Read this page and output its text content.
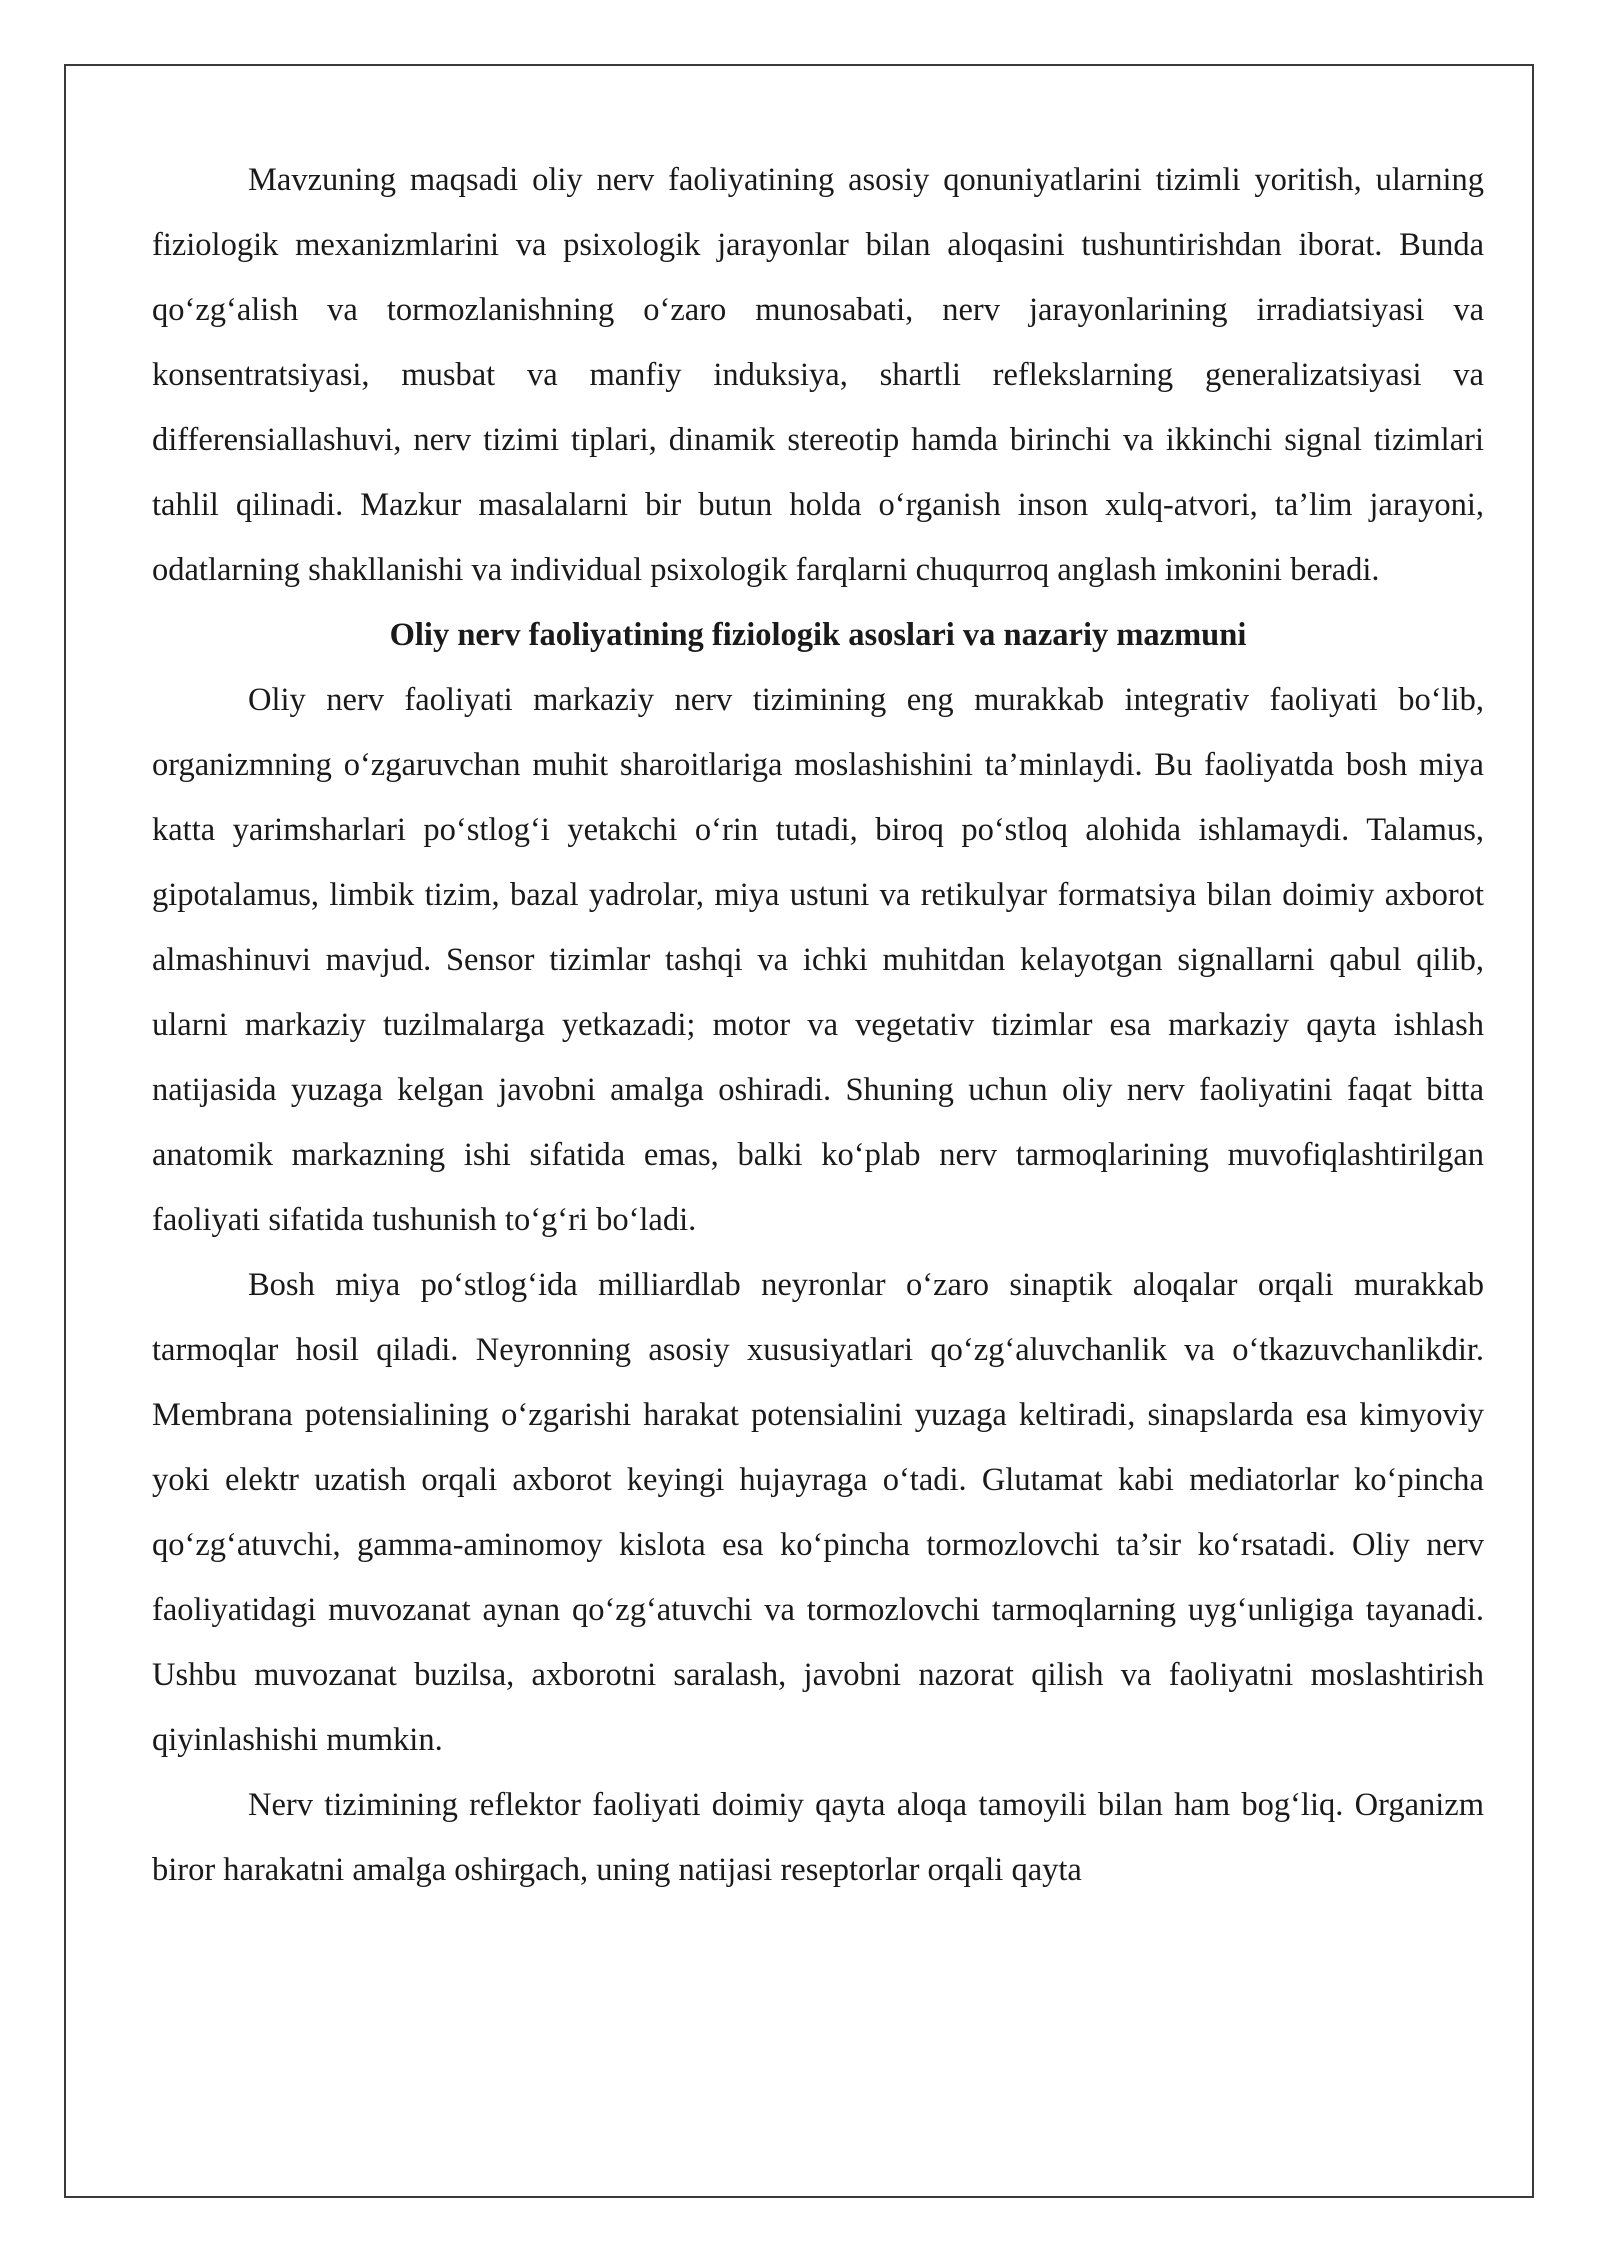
Mavzuning maqsadi oliy nerv faoliyatining asosiy qonuniyatlarini tizimli yoritish, ularning fiziologik mexanizmlarini va psixologik jarayonlar bilan aloqasini tushuntirishdan iborat. Bunda qo‘zg‘alish va tormozlanishning o‘zaro munosabati, nerv jarayonlarining irradiatsiyasi va konsentratsiyasi, musbat va manfiy induksiya, shartli reflekslarning generalizatsiyasi va differensiallashuvi, nerv tizimi tiplari, dinamik stereotip hamda birinchi va ikkinchi signal tizimlari tahlil qilinadi. Mazkur masalalarni bir butun holda o‘rganish inson xulq-atvori, ta’lim jarayoni, odatlarning shakllanishi va individual psixologik farqlarni chuqurroq anglash imkonini beradi.

Oliy nerv faoliyatining fiziologik asoslari va nazariy mazmuni

Oliy nerv faoliyati markaziy nerv tizimining eng murakkab integrativ faoliyati bo‘lib, organizmning o‘zgaruvchan muhit sharoitlariga moslashishini ta’minlaydi. Bu faoliyatda bosh miya katta yarimsharlari po‘stlog‘i yetakchi o‘rin tutadi, biroq po‘stloq alohida ishlamaydi. Talamus, gipotalamus, limbik tizim, bazal yadrolar, miya ustuni va retikulyar formatsiya bilan doimiy axborot almashinuvi mavjud. Sensor tizimlar tashqi va ichki muhitdan kelayotgan signallarni qabul qilib, ularni markaziy tuzilmalarga yetkazadi; motor va vegetativ tizimlar esa markaziy qayta ishlash natijasida yuzaga kelgan javobni amalga oshiradi. Shuning uchun oliy nerv faoliyatini faqat bitta anatomik markazning ishi sifatida emas, balki ko‘plab nerv tarmoqlarining muvofiqlashtirilgan faoliyati sifatida tushunish to‘g‘ri bo‘ladi.

Bosh miya po‘stlog‘ida milliardlab neyronlar o‘zaro sinaptik aloqalar orqali murakkab tarmoqlar hosil qiladi. Neyronning asosiy xususiyatlari qo‘zg‘aluvchanlik va o‘tkazuvchanlikdir. Membrana potensialining o‘zgarishi harakat potensialini yuzaga keltiradi, sinapslarda esa kimyoviy yoki elektr uzatish orqali axborot keyingi hujayraga o‘tadi. Glutamat kabi mediatorlar ko‘pincha qo‘zg‘atuvchi, gamma-aminomoy kislota esa ko‘pincha tormozlovchi ta’sir ko‘rsatadi. Oliy nerv faoliyatidagi muvozanat aynan qo‘zg‘atuvchi va tormozlovchi tarmoqlarning uyg‘unligiga tayanadi. Ushbu muvozanat buzilsa, axborotni saralash, javobni nazorat qilish va faoliyatni moslashtirish qiyinlashishi mumkin.

Nerv tizimining reflektor faoliyati doimiy qayta aloqa tamoyili bilan ham bog‘liq. Organizm biror harakatni amalga oshirgach, uning natijasi reseptorlar orqali qayta
